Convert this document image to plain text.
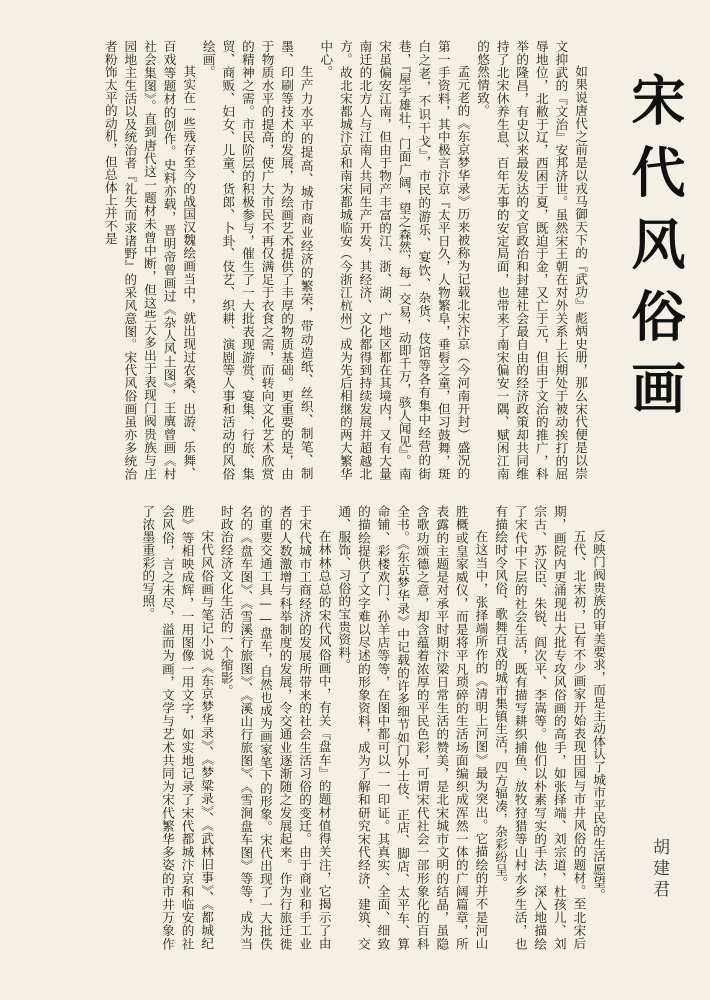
宋代风俗画

如果说唐代之前是以戎马御天下的『武功』彪炳史册，那么宋代便是以崇文抑武的『文治』安邦济世。虽然宋王朝在对外关系上长期处于被动挨打的屈辱地位，北敝于辽，西困于夏，既迫于金，又亡于元，但由于文治的推广，科举的隆昌，有史以来最发达的文官政治和封建社会最自由的经济政策却共同维持了北宋休养生息、百年无事的安定局面，也带来了南宋偏安一隅、赋闲江南的悠然情致。

孟元老的《东京梦华录》历来被称为记载北宋汴京（今河南开封）盛况的第一手资料，其中极言汴京『太平日久，人物繁阜，垂髫之童，但习鼓舞，斑白之老，不识干戈』，市民的游乐、宴饮、杂货、伎馆等各有集中经营的街巷，『屋宇雄壮，门面广阔，望之森然，每一交易，动即千万，骇人闻见』。南宋虽偏安江南，但由于物产丰富的江、浙、湖、广地区都在其境内，又有大量南迁的北方人与江南人共同生产开发，其经济、文化都得到持续发展并超越北方。故北宋都城汴京和南宋都城临安（今浙江杭州）成为先后相继的两大繁华中心。

生产力水平的提高、城市商业经济的繁荣，带动造纸、丝织、制笔、制墨、印刷等技术的发展，为绘画艺术提供了丰厚的物质基础。更重要的是，由于物质水平的提高，使广大市民不再仅满足于衣食之需，而转向文化艺术欣赏的精神之需。市民阶层的积极参与，催生了一大批表现游赏、宴集、行旅、集贸、商贩、妇女、儿童、货郎、卜卦、伎艺、织耕、演剧等人事和活动的风俗绘画。

其实在一些残存至今的战国汉魏绘画当中，就出现过农桑、出游、乐舞、百戏等题材的创作。史料亦载，晋明帝曾画过《杂人风土图》，王廙曾画《村社会集图》。直到唐代这一题材未曾中断，但这些大多出于表现门阀贵族与庄园地主生活以及统治者『礼失而求诸野』的采风意图。宋代风俗画虽亦多统治者粉饰太平的动机，但总体上并不是

反映门阀贵族的审美要求，而是主动体认了城市平民的生活愿望。

五代、北宋初，已有不少画家开始表现田园与市井风俗的题材。至北宋后期，画院内更涌现出大批专攻风俗画的高手，如张择端、刘宗道、杜孩儿、刘宗古、苏汉臣、朱锐、阎次平、李嵩等。他们以朴素写实的手法，深入地描绘了宋代中下层的社会生活，既有描写耕织捕鱼、放牧狩猎等山村水乡生活，也有描绘时令风俗、歌舞百戏的城市集镇生活，四方辐凑，杂彩纷呈。

在这当中，张择端所作的《清明上河图》最为突出。它描绘的并不是河山胜概或皇家威仪，而是将平凡琐碎的生活场面编织成浑然一体的广阔篇章，所表露的主题是对承平时期汴梁日常生活的赞美，是北宋城市文明的结晶，虽隐含歌功颂德之意，却含蕴着浓厚的平民色彩，可谓宋代社会一部形象化的百科全书。《东京梦华录》中记载的许多细节如门外士伎、正店、脚店、太平车、算命铺、彩楼欢门、孙羊店等等，在图中都可以一一印证。其真实、全面、细致的描绘提供了文字难以尽述的形象资料，成为了解和研究宋代经济、建筑、交通、服饰、习俗的宝贵资料。

在林林总总的宋代风俗画中，有关『盘车』的题材值得关注，它揭示了由于宋代城市工商经济的发展所带来的社会生活习俗的变迁。由于商业和手工业者的人数激增与科举制度的发展，令交通业逐渐随之发展起来。作为行旅迁徙的重要交通工具——盘车，自然也成为画家笔下的形象。宋代出现了一大批佚名的《盘车图》、《雪溪行旅图》、《溪山行旅图》、《雪涧盘车图》等等，成为当时政治经济文化生活的一个缩影。

宋代风俗画与笔记小说《东京梦华录》、《梦粱录》、《武林旧事》、《都城纪胜》等相映成辉，一用图像一用文字，如实地记录了宋代都城汴京和临安的社会风俗，言之未尽，溢而为画，文学与艺术共同为宋代繁华多姿的市井万象作了浓墨重彩的写照。

胡建君
